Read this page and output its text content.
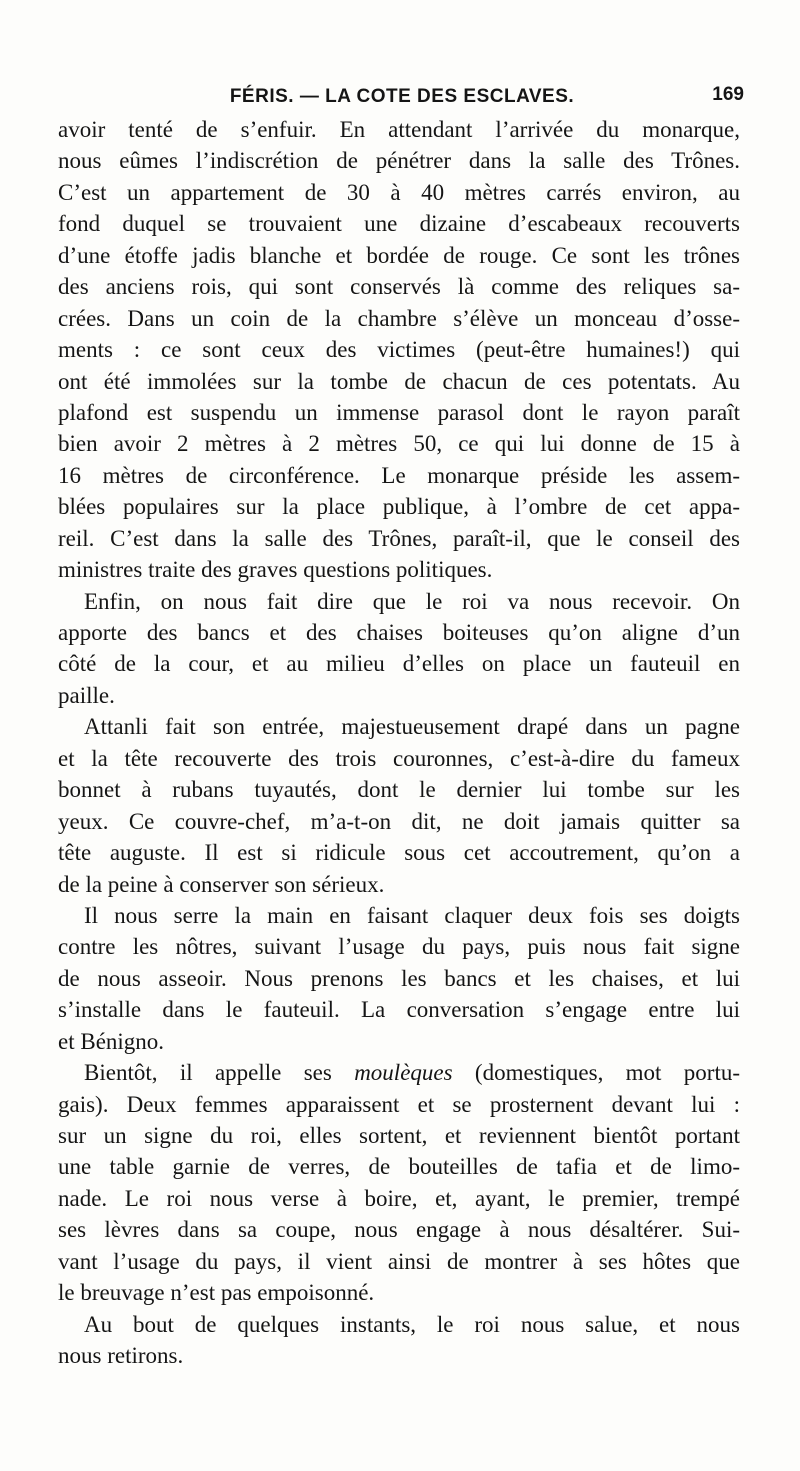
FÉRIS. — LA COTE DES ESCLAVES.	169
avoir tenté de s’enfuir. En attendant l’arrivée du monarque,
nous eûmes l’indiscrétion de pénétrer dans la salle des Trônes.
C’est un appartement de 30 à 40 mètres carrés environ, au
fond duquel se trouvaient une dizaine d’escabeaux recouverts
d’une étoffe jadis blanche et bordée de rouge. Ce sont les trônes
des anciens rois, qui sont conservés là comme des reliques sa-
crées. Dans un coin de la chambre s’élève un monceau d’osse-
ments : ce sont ceux des victimes (peut-être humaines!) qui
ont été immolées sur la tombe de chacun de ces potentats. Au
plafond est suspendu un immense parasol dont le rayon paraît
bien avoir 2 mètres à 2 mètres 50, ce qui lui donne de 15 à
16 mètres de circonférence. Le monarque préside les assem-
blées populaires sur la place publique, à l’ombre de cet appa-
reil. C’est dans la salle des Trônes, paraît-il, que le conseil des
ministres traite des graves questions politiques.
Enfin, on nous fait dire que le roi va nous recevoir. On
apporte des bancs et des chaises boiteuses qu’on aligne d’un
côté de la cour, et au milieu d’elles on place un fauteuil en
paille.
Attanli fait son entrée, majestueusement drapé dans un pagne
et la tête recouverte des trois couronnes, c’est-à-dire du fameux
bonnet à rubans tuyautés, dont le dernier lui tombe sur les
yeux. Ce couvre-chef, m’a-t-on dit, ne doit jamais quitter sa
tête auguste. Il est si ridicule sous cet accoutrement, qu’on a
de la peine à conserver son sérieux.
Il nous serre la main en faisant claquer deux fois ses doigts
contre les nôtres, suivant l’usage du pays, puis nous fait signe
de nous asseoir. Nous prenons les bancs et les chaises, et lui
s’installe dans le fauteuil. La conversation s’engage entre lui
et Bénigno.
Bientôt, il appelle ses moulèques (domestiques, mot portu-
gais). Deux femmes apparaissent et se prosternent devant lui :
sur un signe du roi, elles sortent, et reviennent bientôt portant
une table garnie de verres, de bouteilles de tafia et de limo-
nade. Le roi nous verse à boire, et, ayant, le premier, trempé
ses lèvres dans sa coupe, nous engage à nous désaltérer. Sui-
vant l’usage du pays, il vient ainsi de montrer à ses hôtes que
le breuvage n’est pas empoisonné.
Au bout de quelques instants, le roi nous salue, et nous
nous retirons.
